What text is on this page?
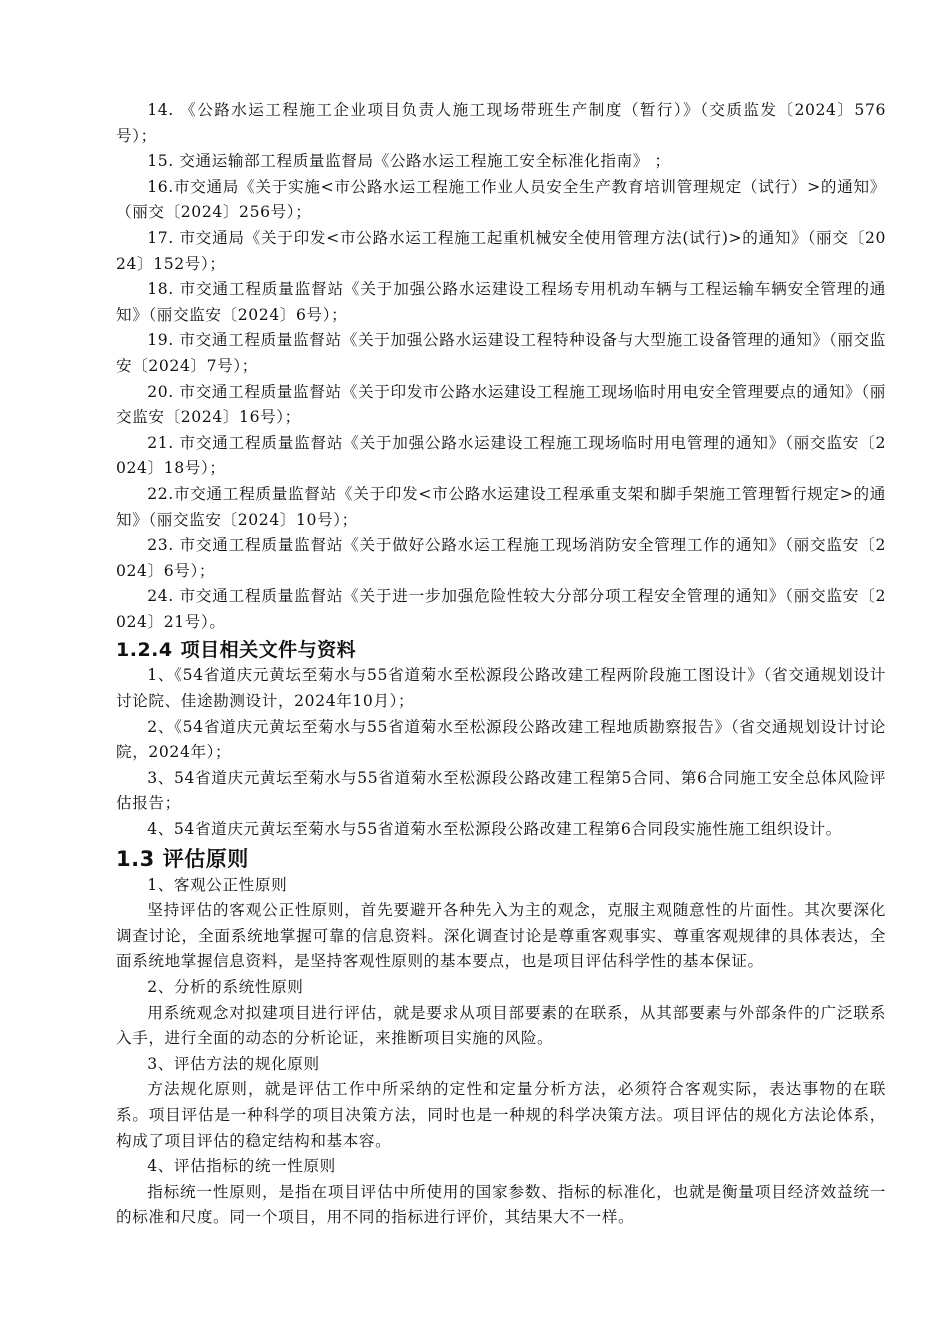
14. 《公路水运工程施工企业项目负责人施工现场带班生产制度（暂行）》（交质监发〔2024〕576 号）；

15. 交通运输部工程质量监督局《公路水运工程施工安全标准化指南》 ；

16.市交通局《关于实施<市公路水运工程施工作业人员安全生产教育培训管理规定（试行）>的通知》（丽交〔2024〕256号）；

17. 市交通局《关于印发<市公路水运工程施工起重机械安全使用管理方法(试行)>的通知》（丽交〔2024〕152号）；

18. 市交通工程质量监督站《关于加强公路水运建设工程场专用机动车辆与工程运输车辆安全管理的通知》（丽交监安〔2024〕6号）；

19. 市交通工程质量监督站《关于加强公路水运建设工程特种设备与大型施工设备管理的通知》（丽交监安〔2024〕7号）；

20. 市交通工程质量监督站《关于印发市公路水运建设工程施工现场临时用电安全管理要点的通知》（丽交监安〔2024〕16号）；

21. 市交通工程质量监督站《关于加强公路水运建设工程施工现场临时用电管理的通知》（丽交监安〔2024〕18号）；

22.市交通工程质量监督站《关于印发<市公路水运建设工程承重支架和脚手架施工管理暂行规定>的通知》（丽交监安〔2024〕10号）；

23. 市交通工程质量监督站《关于做好公路水运工程施工现场消防安全管理工作的通知》（丽交监安〔2024〕6号）；

24. 市交通工程质量监督站《关于进一步加强危险性较大分部分项工程安全管理的通知》（丽交监安〔2024〕21号）。

1.2.4 项目相关文件与资料

1、《54省道庆元黄坛至菊水与55省道菊水至松源段公路改建工程两阶段施工图设计》（省交通规划设计讨论院、佳途勘测设计，2024年10月）；

2、《54省道庆元黄坛至菊水与55省道菊水至松源段公路改建工程地质勘察报告》（省交通规划设计讨论院，2024年）；

3、54省道庆元黄坛至菊水与55省道菊水至松源段公路改建工程第5合同、第6合同施工安全总体风险评估报告；

4、54省道庆元黄坛至菊水与55省道菊水至松源段公路改建工程第6合同段实施性施工组织设计。

1.3 评估原则

1、客观公正性原则

坚持评估的客观公正性原则，首先要避开各种先入为主的观念，克服主观随意性的片面性。其次要深化调查讨论，全面系统地掌握可靠的信息资料。深化调查讨论是尊重客观事实、尊重客观规律的具体表达，全面系统地掌握信息资料，是坚持客观性原则的基本要点，也是项目评估科学性的基本保证。

2、分析的系统性原则

用系统观念对拟建项目进行评估，就是要求从项目部要素的在联系，从其部要素与外部条件的广泛联系入手，进行全面的动态的分析论证，来推断项目实施的风险。

3、评估方法的规化原则

方法规化原则，就是评估工作中所采纳的定性和定量分析方法，必须符合客观实际，表达事物的在联系。项目评估是一种科学的项目决策方法，同时也是一种规的科学决策方法。项目评估的规化方法论体系，构成了项目评估的稳定结构和基本容。

4、评估指标的统一性原则

指标统一性原则，是指在项目评估中所使用的国家参数、指标的标准化，也就是衡量项目经济效益统一的标准和尺度。同一个项目，用不同的指标进行评价，其结果大不一样。
